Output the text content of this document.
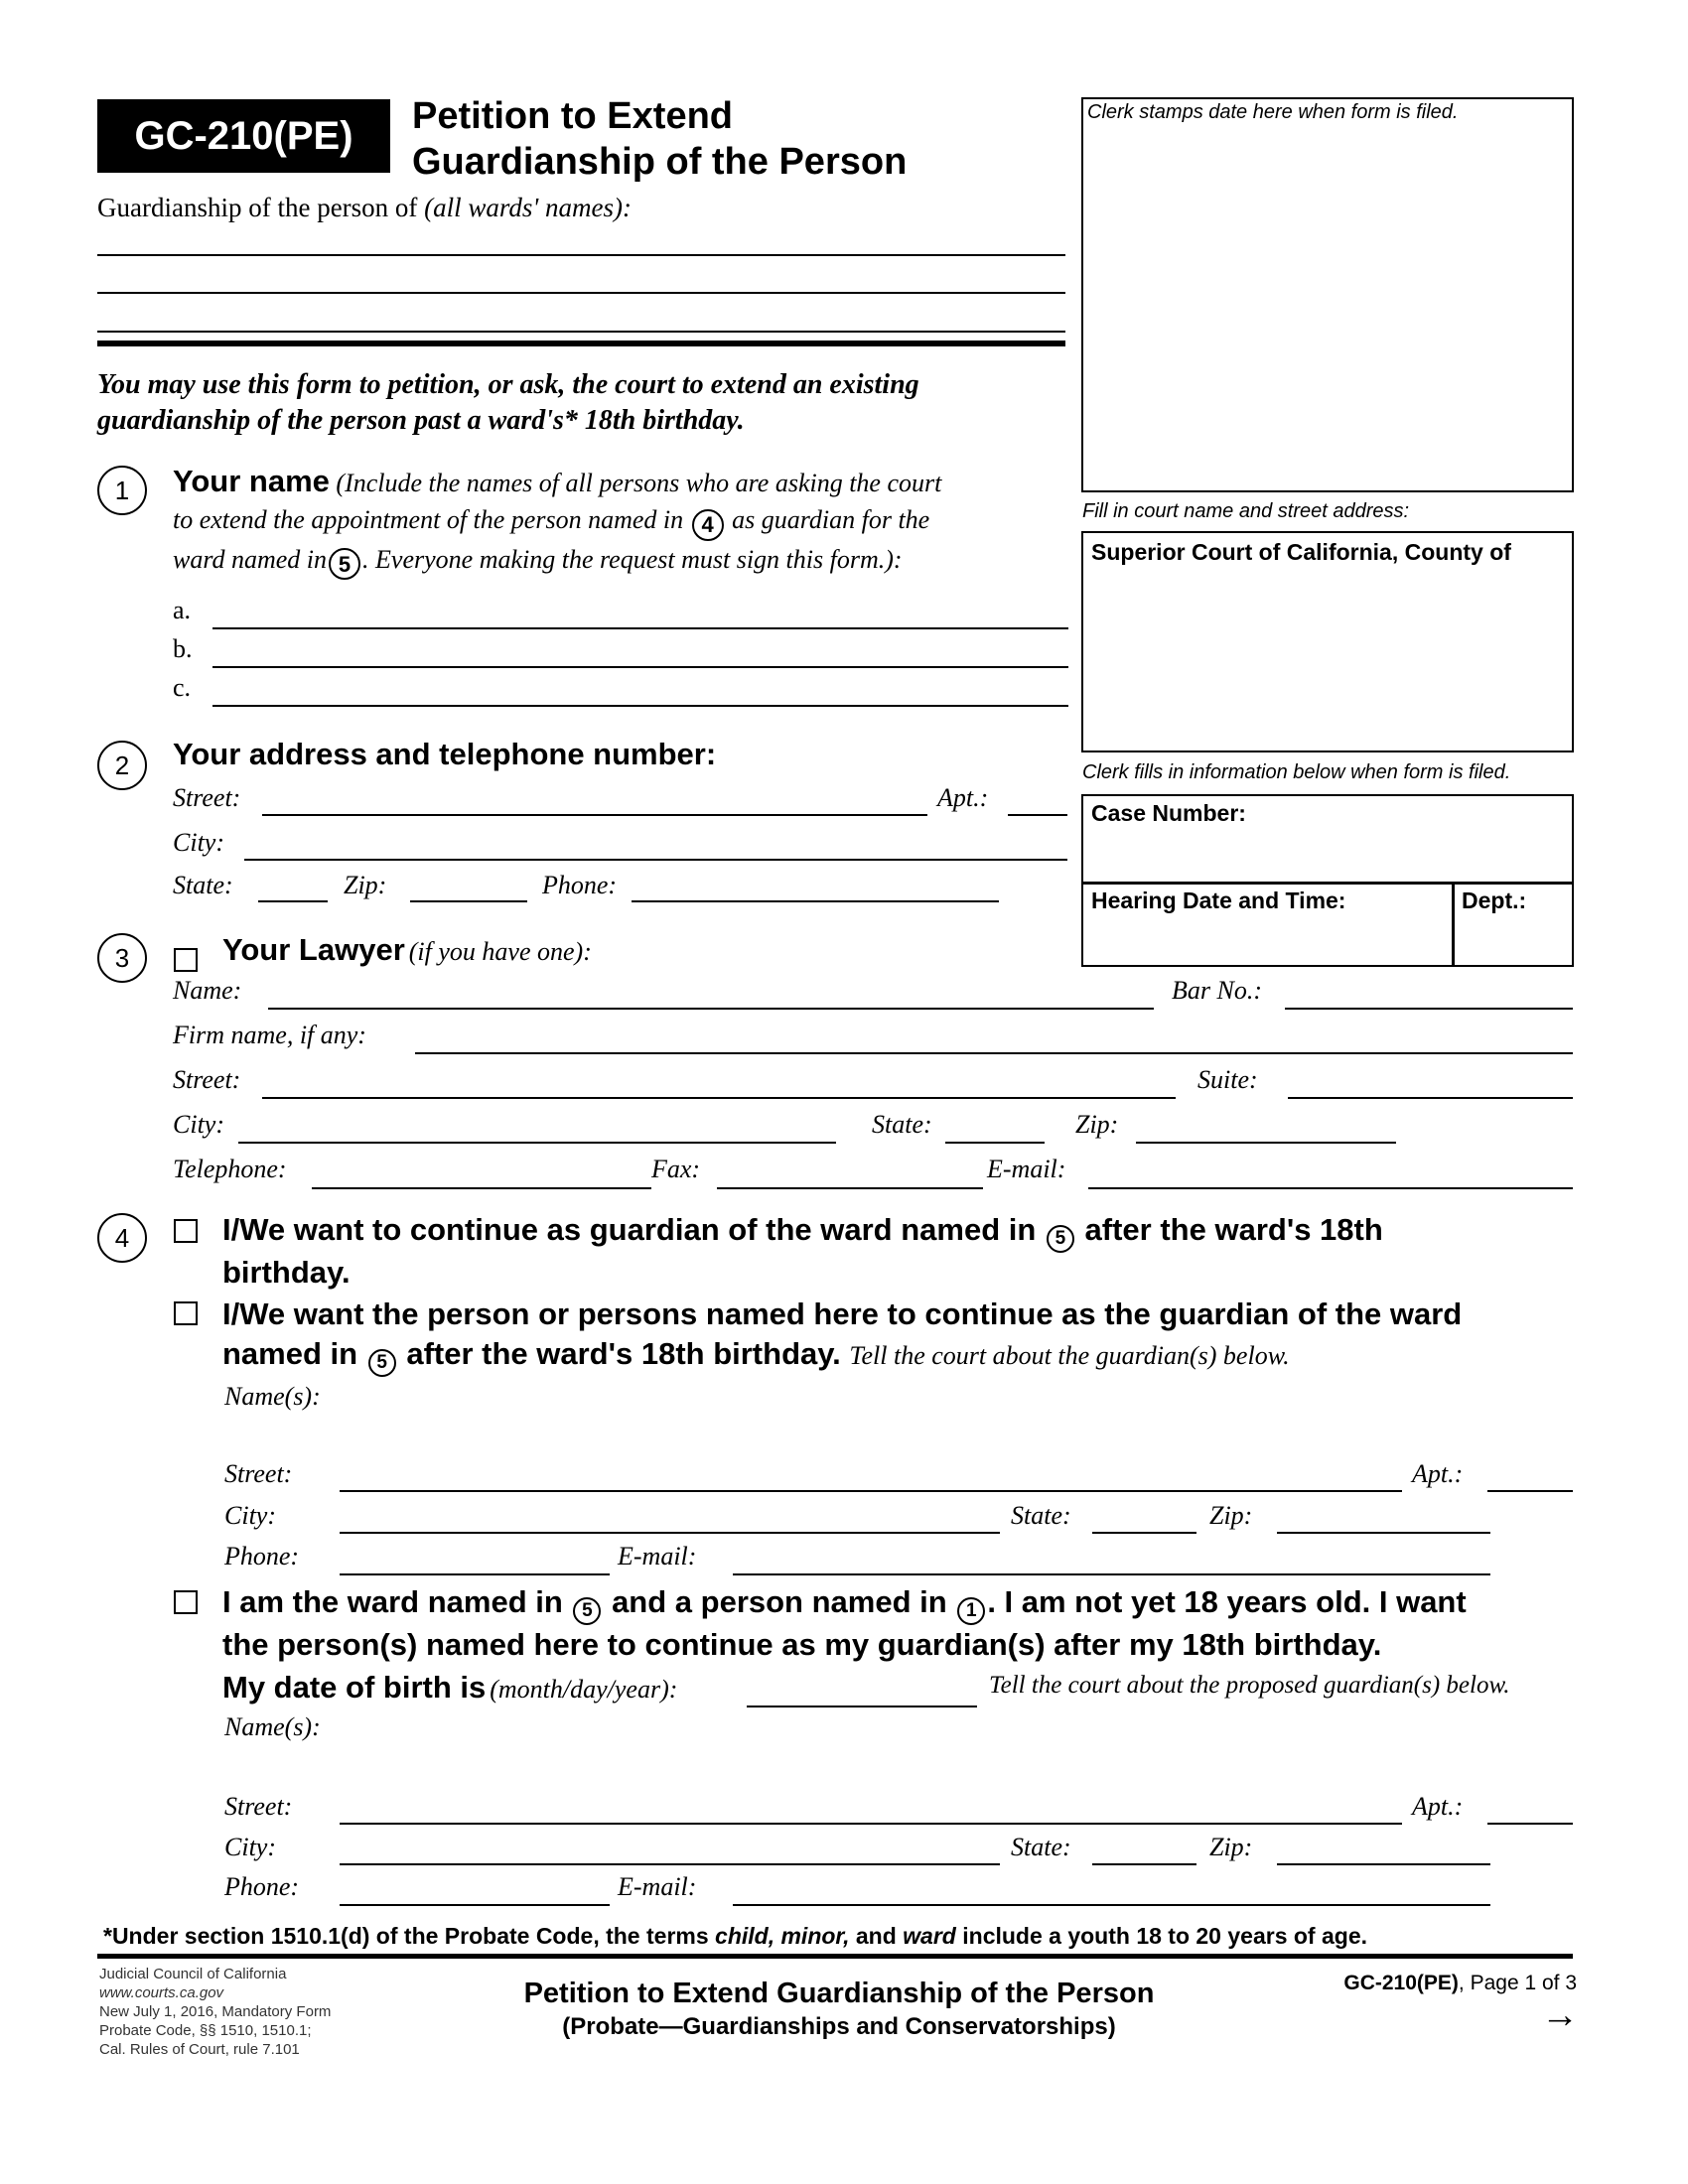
GC-210(PE) Petition to Extend
Guardianship of the Person
Guardianship of the person of (all wards' names):
Clerk stamps date here when form is filed.
Fill in court name and street address:
Superior Court of California, County of
Clerk fills in information below when form is filed.
Case Number:
Hearing Date and Time:	Dept.:
You may use this form to petition, or ask, the court to extend an existing
guardianship of the person past a ward's* 18th birthday.
1	Your name (Include the names of all persons who are asking the court
to extend the appointment of the person named in 4 as guardian for the
ward named in 5 . Everyone making the request must sign this form.):
a.
b.
c.
2	Your address and telephone number:
Street:	Apt.:
City:
State:	Zip:	Phone:
3	Your Lawyer (if you have one):
Name:	Bar No.:
Firm name, if any:
Street:	Suite:
City:	State:	Zip:
Telephone:	Fax:	E-mail:
4	I/We want to continue as guardian of the ward named in 5 after the ward's 18th
birthday.
I/We want the person or persons named here to continue as the guardian of the ward
named in 5 after the ward's 18th birthday. Tell the court about the guardian(s) below.
Name(s):
Street:	Apt.:
City:	State:	Zip:
Phone:	E-mail:
I am the ward named in 5 and a person named in 1 . I am not yet 18 years old. I want
the person(s) named here to continue as my guardian(s) after my 18th birthday.
My date of birth is (month/day/year):	Tell the court about the proposed guardian(s) below.
Name(s):
Street:	Apt.:
City:	State:	Zip:
Phone:	E-mail:
*Under section 1510.1(d) of the Probate Code, the terms child, minor, and ward include a youth 18 to 20 years of age.
Judicial Council of California
www.courts.ca.gov
New July 1, 2016, Mandatory Form
Probate Code, §§ 1510, 1510.1;
Cal. Rules of Court, rule 7.101
Petition to Extend Guardianship of the Person
(Probate—Guardianships and Conservatorships)
GC-210(PE), Page 1 of 3
→
